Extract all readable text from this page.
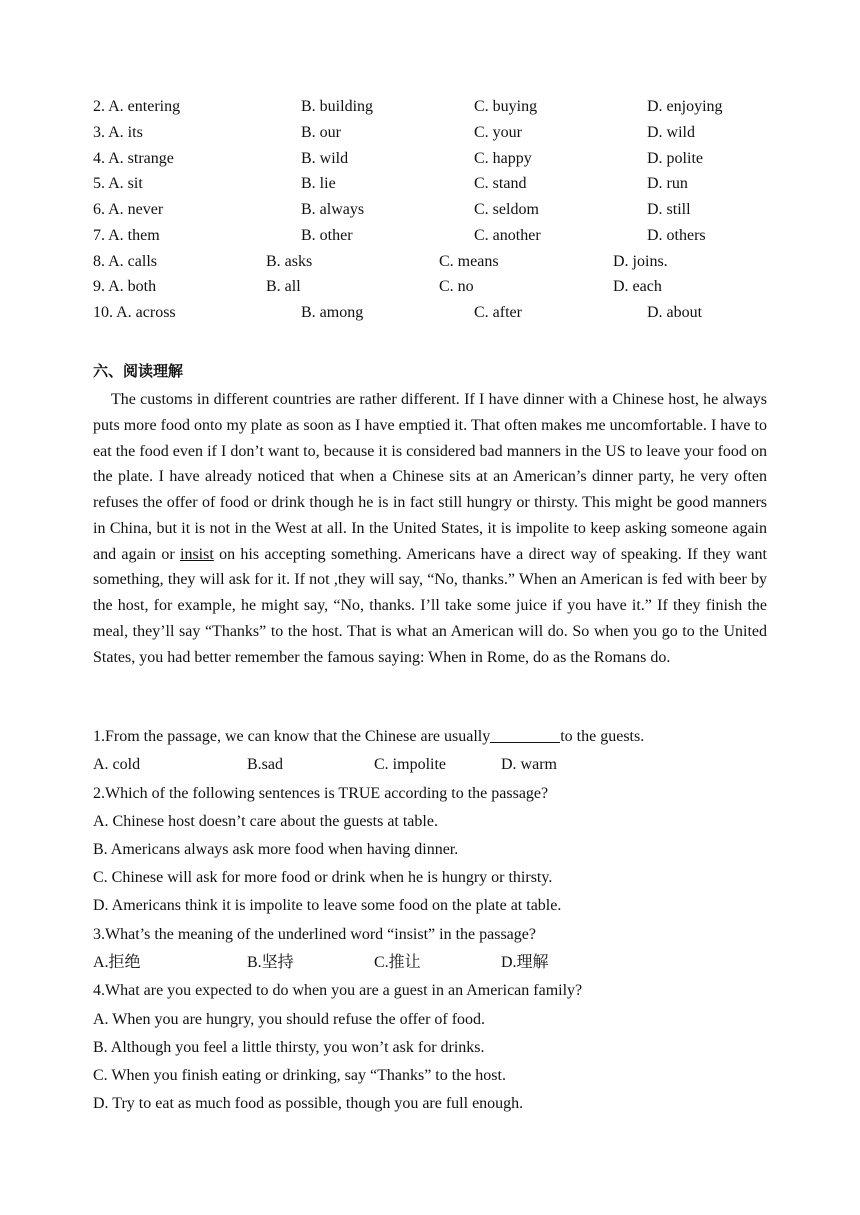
2. A. entering	B. building	C. buying	D. enjoying
3. A. its	B. our	C. your	D. wild
4. A. strange	B. wild	C. happy	D. polite
5. A. sit	B. lie	C. stand	D. run
6. A. never	B. always	C. seldom	D. still
7. A. them	B. other	C. another	D. others
8. A. calls	B. asks	C. means	D. joins.
9. A. both	B. all	C. no	D. each
10. A. across	B. among	C. after	D. about
六、阅读理解

The customs in different countries are rather different. If I have dinner with a Chinese host, he always puts more food onto my plate as soon as I have emptied it. That often makes me uncomfortable. I have to eat the food even if I don’t want to, because it is considered bad manners in the US to leave your food on the plate. I have already noticed that when a Chinese sits at an American’s dinner party, he very often refuses the offer of food or drink though he is in fact still hungry or thirsty. This might be good manners in China, but it is not in the West at all. In the United States, it is impolite to keep asking someone again and again or insist on his accepting something. Americans have a direct way of speaking. If they want something, they will ask for it. If not ,they will say, “No, thanks.” When an American is fed with beer by the host, for example, he might say, “No, thanks. I’ll take some juice if you have it.” If they finish the meal, they’ll say “Thanks” to the host. That is what an American will do. So when you go to the United States, you had better remember the famous saying: When in Rome, do as the Romans do.

1.From the passage, we can know that the Chinese are usually	to the guests.
A. cold	B.sad	C. impolite	D. warm
2.Which of the following sentences is TRUE according to the passage?
A. Chinese host doesn’t care about the guests at table.
B. Americans always ask more food when having dinner.
C. Chinese will ask for more food or drink when he is hungry or thirsty.
D. Americans think it is impolite to leave some food on the plate at table.
3.What’s the meaning of the underlined word “insist” in the passage?
A.拒绝	B.坚持	C.推让	D.理解
4.What are you expected to do when you are a guest in an American family?
A. When you are hungry, you should refuse the offer of food.
B. Although you feel a little thirsty, you won’t ask for drinks.
C. When you finish eating or drinking, say “Thanks” to the host.
D. Try to eat as much food as possible, though you are full enough.
